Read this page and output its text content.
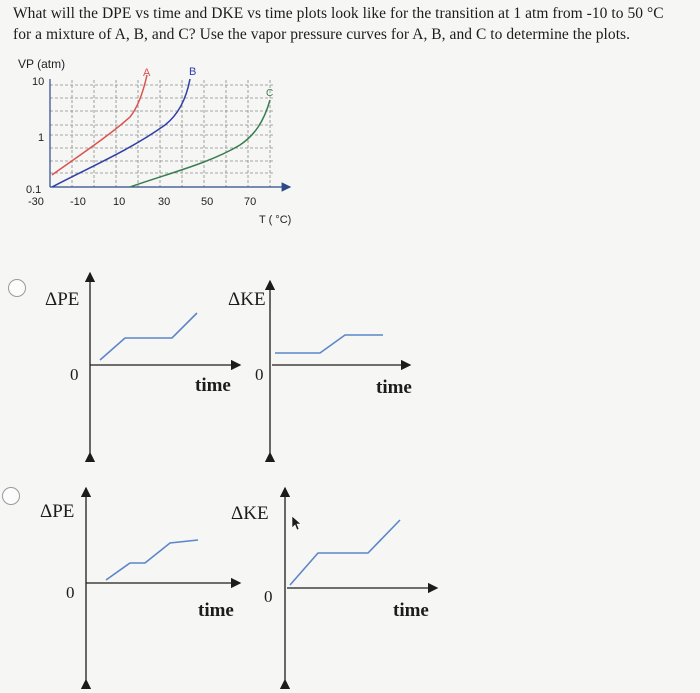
What will the DPE vs time and DKE vs time plots look like for the transition at 1 atm from -10 to 50 °C
for a mixture of A, B, and C? Use the vapor pressure curves for A, B, and C to determine the plots.
VP (atm)
10
1
0.1
-30 -10 10	30	50	70
T ( °C)
A	B
C
ΔPE
0
time
ΔKE
0
time
ΔPE
0
time
ΔKE
0
time
